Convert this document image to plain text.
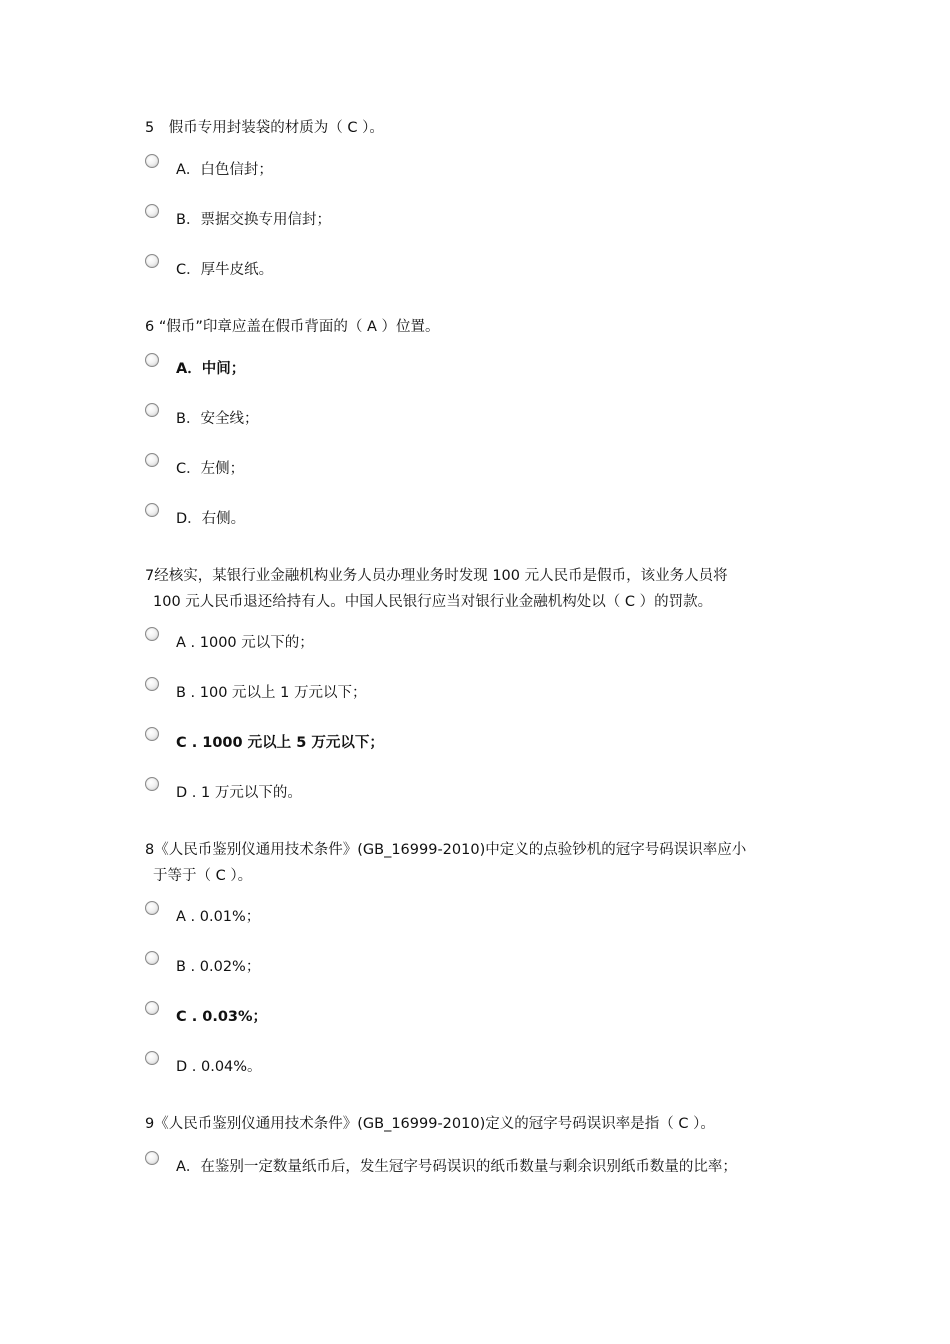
5　假币专用封装袋的材质为（ C ）。
A．白色信封；
B．票据交换专用信封；
C．厚牛皮纸。
6 “假币”印章应盖在假币背面的（ A ）位置。
A．中间；
B．安全线；
C．左侧；
D．右侧。
7经核实，某银行业金融机构业务人员办理业务时发现 100 元人民币是假币，该业务人员将
100 元人民币退还给持有人。中国人民银行应当对银行业金融机构处以（ C ）的罚款。
A . 1000 元以下的；
B . 100 元以上 1 万元以下；
C . 1000 元以上 5 万元以下；
D . 1 万元以下的。
8《人民币鉴别仪通用技术条件》(GB_16999-2010)中定义的点验钞机的冠字号码误识率应小
于等于（ C ）。
A . 0.01%；
B . 0.02%；
C . 0.03%；
D . 0.04%。
9《人民币鉴别仪通用技术条件》(GB_16999-2010)定义的冠字号码误识率是指（ C ）。
A．在鉴别一定数量纸币后，发生冠字号码误识的纸币数量与剩余识别纸币数量的比率；
